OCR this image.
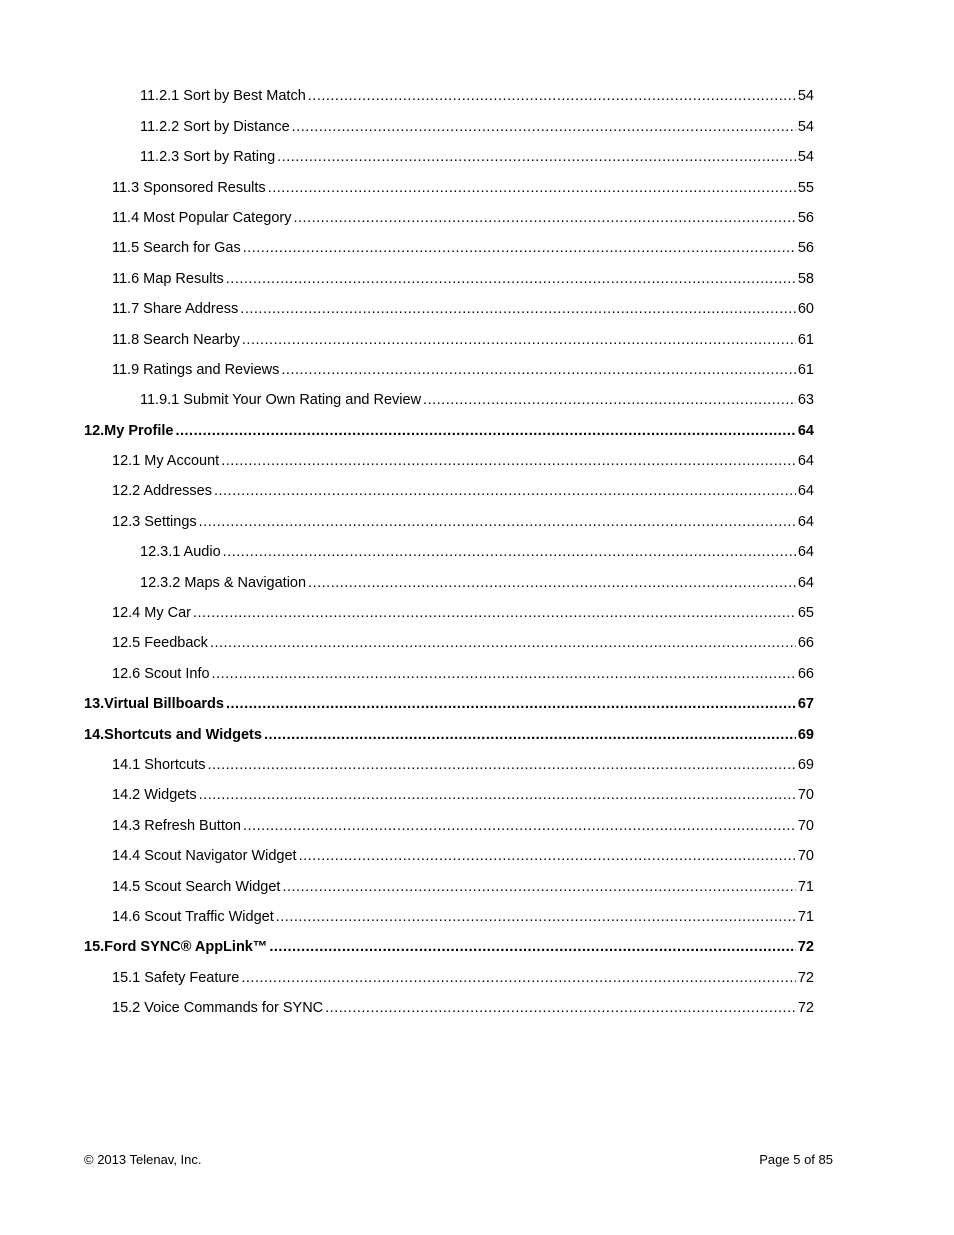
11.2.1 Sort by Best Match .....	54
11.2.2 Sort by Distance .....	54
11.2.3 Sort by Rating .....	54
11.3 Sponsored Results .....	55
11.4 Most Popular Category .....	56
11.5 Search for Gas .....	56
11.6 Map Results .....	58
11.7 Share Address .....	60
11.8 Search Nearby .....	61
11.9 Ratings and Reviews .....	61
11.9.1 Submit Your Own Rating and Review .....	63
12. My Profile .....	64
12.1 My Account .....	64
12.2 Addresses .....	64
12.3 Settings .....	64
12.3.1 Audio .....	64
12.3.2 Maps & Navigation .....	64
12.4 My Car .....	65
12.5 Feedback .....	66
12.6 Scout Info .....	66
13. Virtual Billboards .....	67
14. Shortcuts and Widgets .....	69
14.1 Shortcuts .....	69
14.2 Widgets .....	70
14.3 Refresh Button .....	70
14.4 Scout Navigator Widget .....	70
14.5 Scout Search Widget .....	71
14.6 Scout Traffic Widget .....	71
15. Ford SYNC® AppLink™ .....	72
15.1 Safety Feature .....	72
15.2 Voice Commands for SYNC .....	72
© 2013 Telenav, Inc.	Page 5 of 85
